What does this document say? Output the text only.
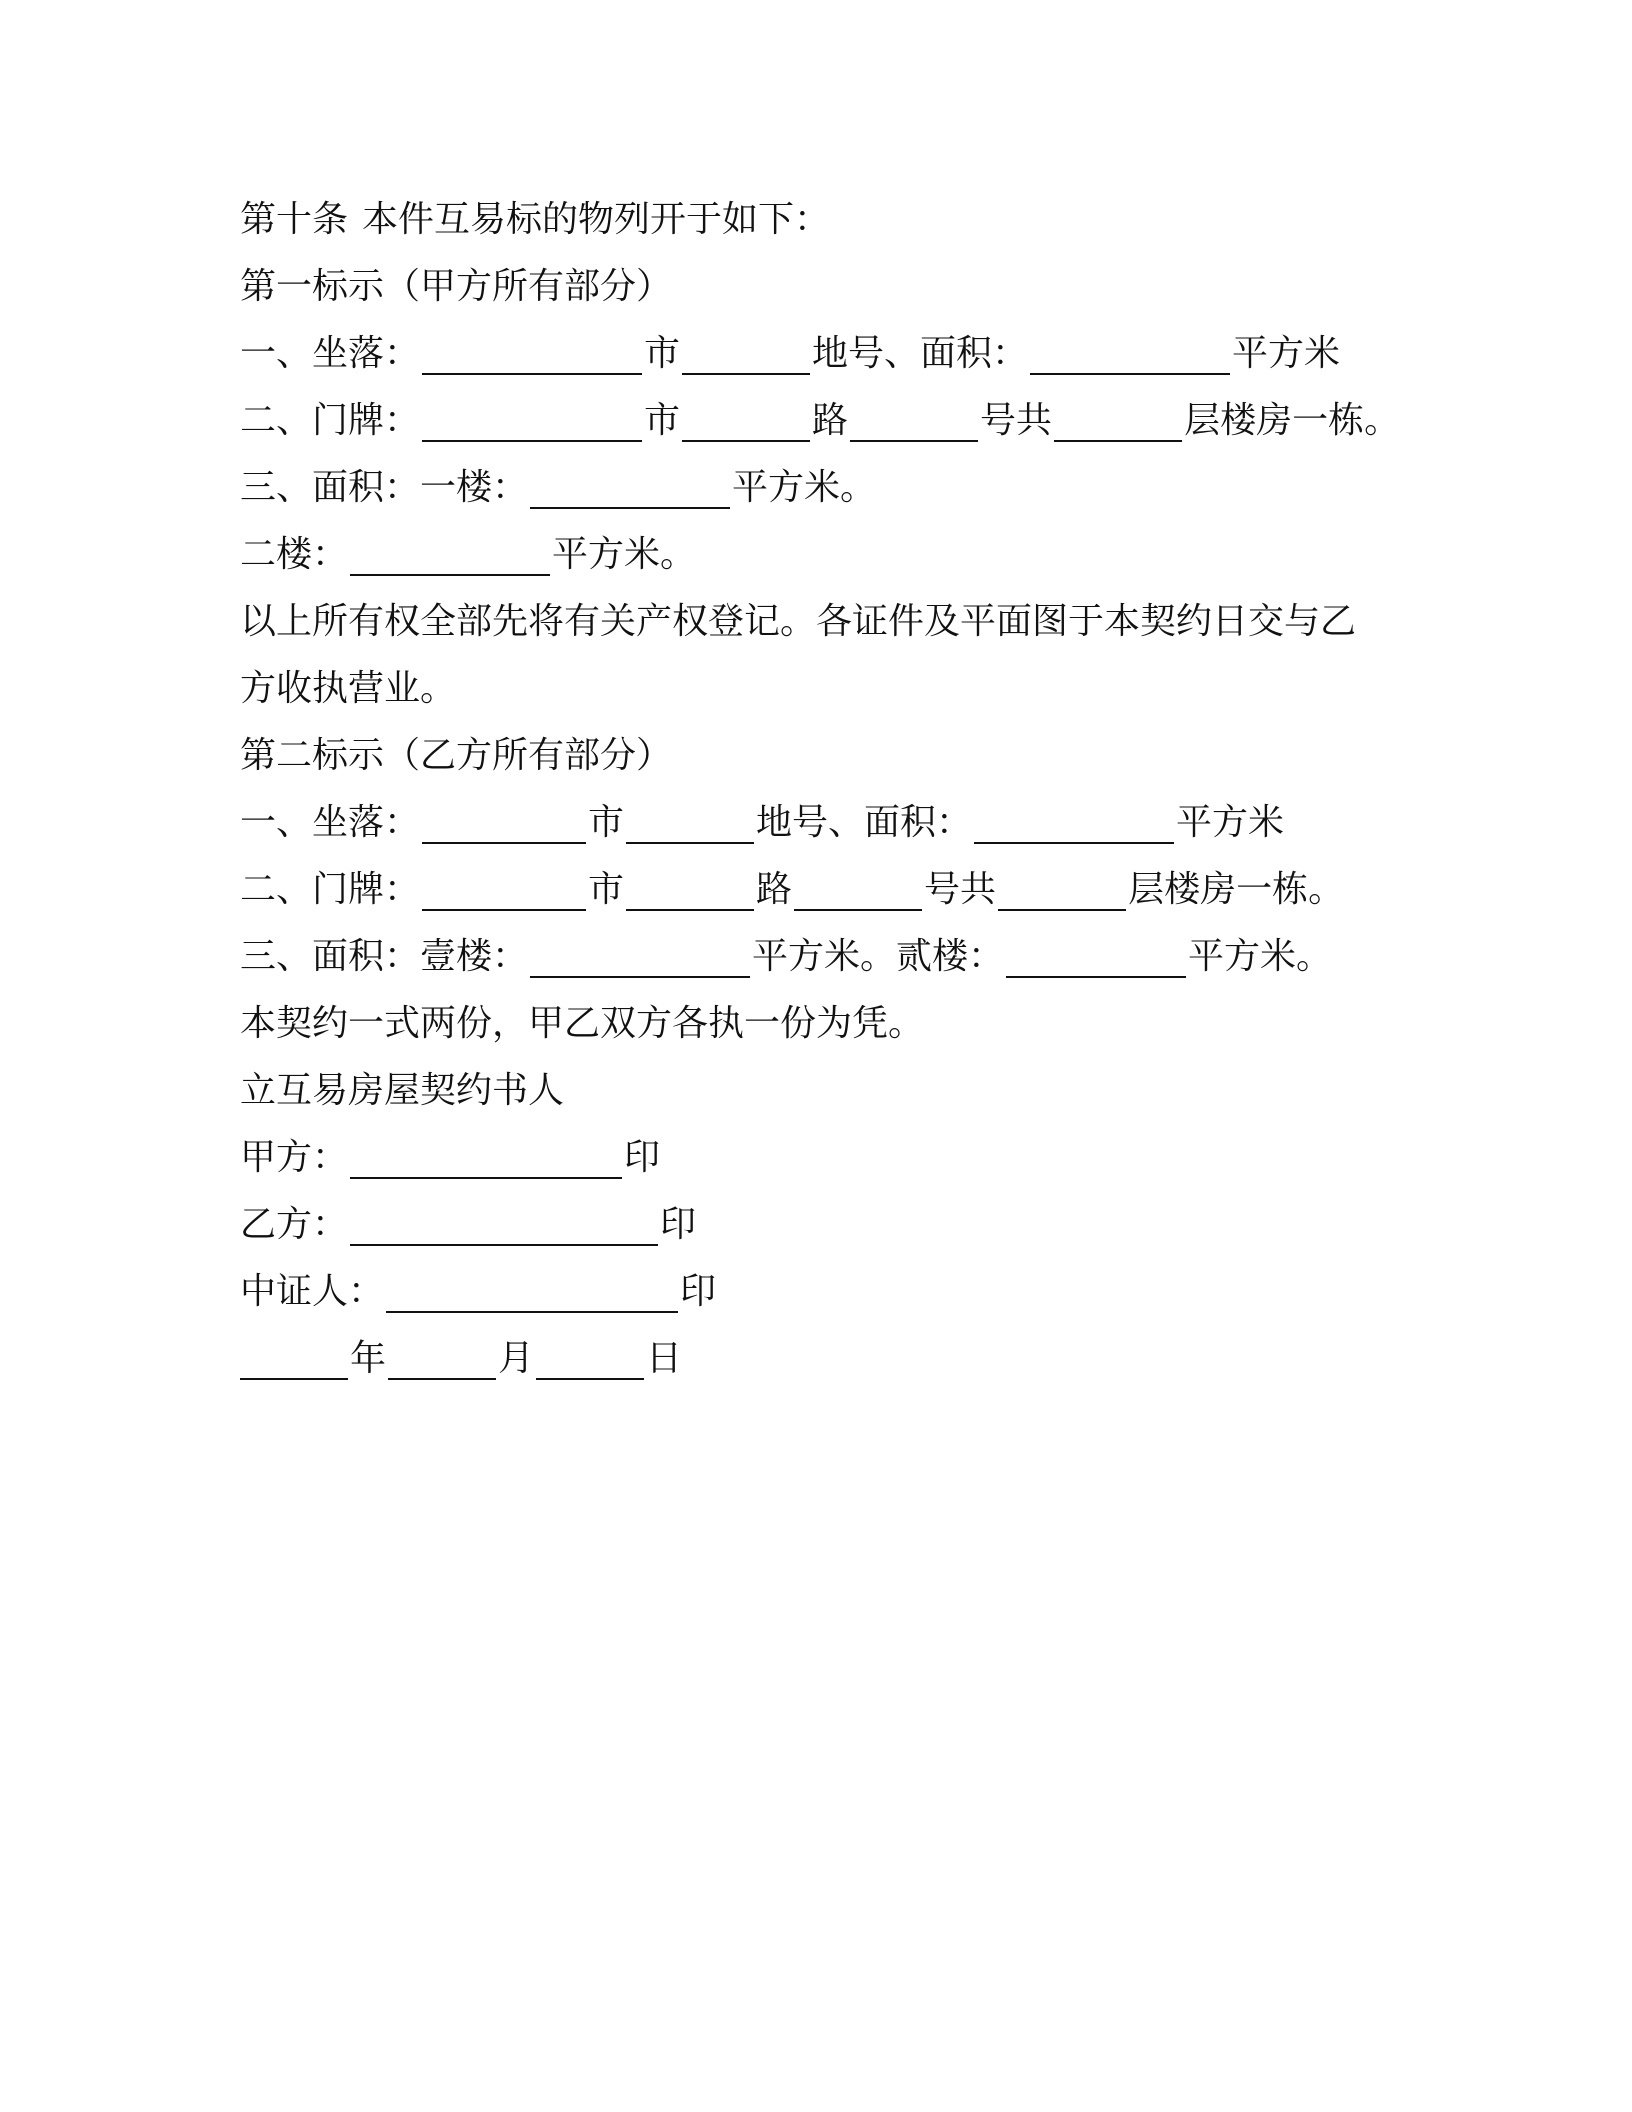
第十条 本件互易标的物列开于如下：
第一标示（甲方所有部分）
一、坐落：	市	地号、面积：	平方米
二、门牌：	市	路	号共	层楼房一栋。
三、面积：一楼：	平方米。
二楼：	平方米。
以上所有权全部先将有关产权登记。各证件及平面图于本契约日交与乙方收执营业。
第二标示（乙方所有部分）
一、坐落：	市	地号、面积：	平方米
二、门牌：	市	路	号共	层楼房一栋。
三、面积：壹楼：	平方米。贰楼：	平方米。
本契约一式两份，甲乙双方各执一份为凭。
立互易房屋契约书人
甲方：	印
乙方：	印
中证人：	印
年	月	日
